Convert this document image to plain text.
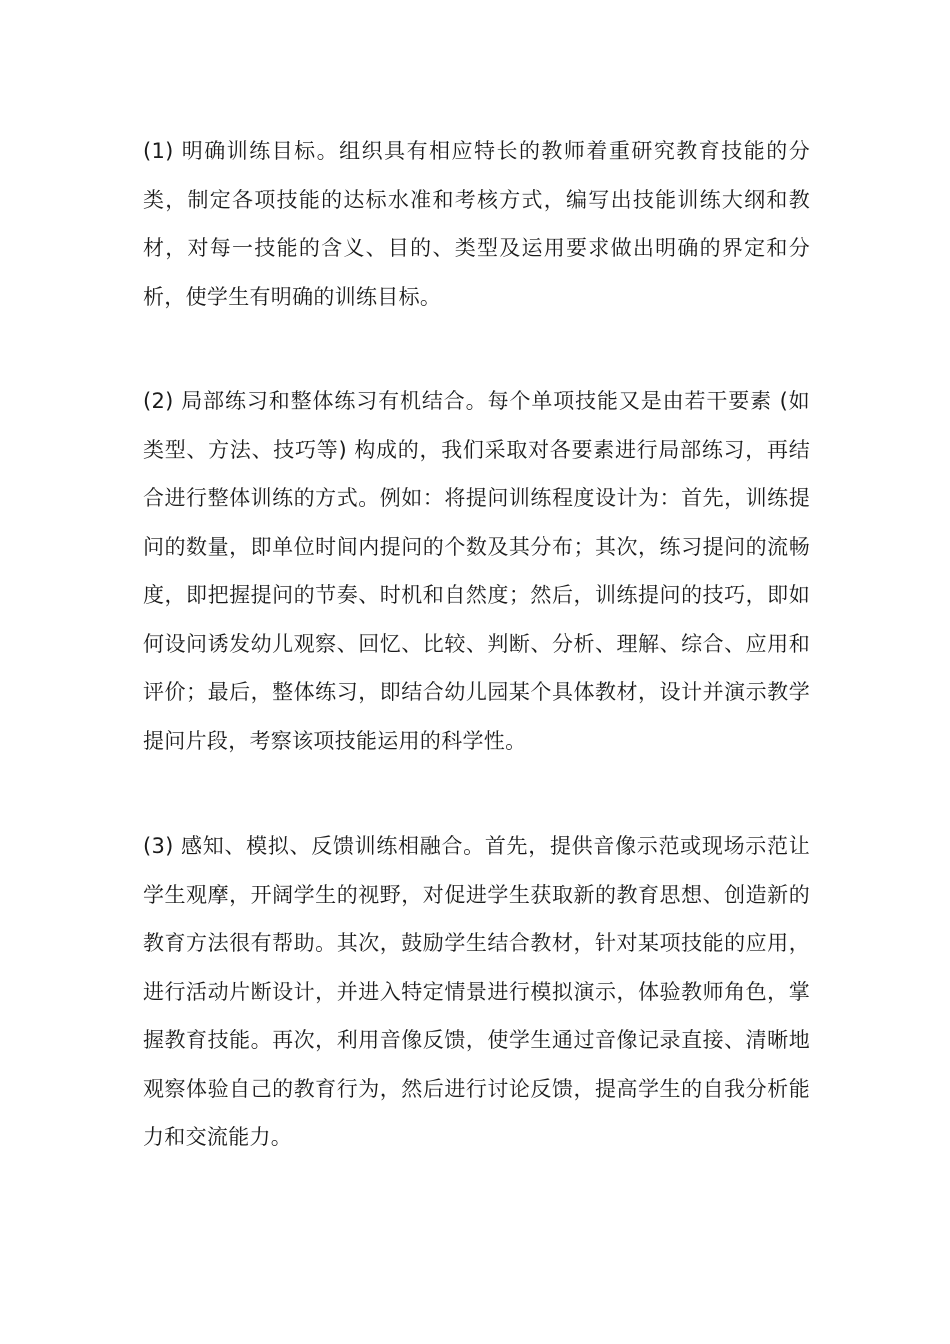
(1) 明确训练目标。组织具有相应特长的教师着重研究教育技能的分类，制定各项技能的达标水准和考核方式，编写出技能训练大纲和教材，对每一技能的含义、目的、类型及运用要求做出明确的界定和分析，使学生有明确的训练目标。

(2) 局部练习和整体练习有机结合。每个单项技能又是由若干要素 (如类型、方法、技巧等) 构成的，我们采取对各要素进行局部练习，再结合进行整体训练的方式。例如：将提问训练程度设计为：首先，训练提问的数量，即单位时间内提问的个数及其分布；其次，练习提问的流畅度，即把握提问的节奏、时机和自然度；然后，训练提问的技巧，即如何设问诱发幼儿观察、回忆、比较、判断、分析、理解、综合、应用和评价；最后，整体练习，即结合幼儿园某个具体教材，设计并演示教学提问片段，考察该项技能运用的科学性。

(3) 感知、模拟、反馈训练相融合。首先，提供音像示范或现场示范让学生观摩，开阔学生的视野，对促进学生获取新的教育思想、创造新的教育方法很有帮助。其次，鼓励学生结合教材，针对某项技能的应用，进行活动片断设计，并进入特定情景进行模拟演示，体验教师角色，掌握教育技能。再次，利用音像反馈，使学生通过音像记录直接、清晰地观察体验自己的教育行为，然后进行讨论反馈，提高学生的自我分析能力和交流能力。
